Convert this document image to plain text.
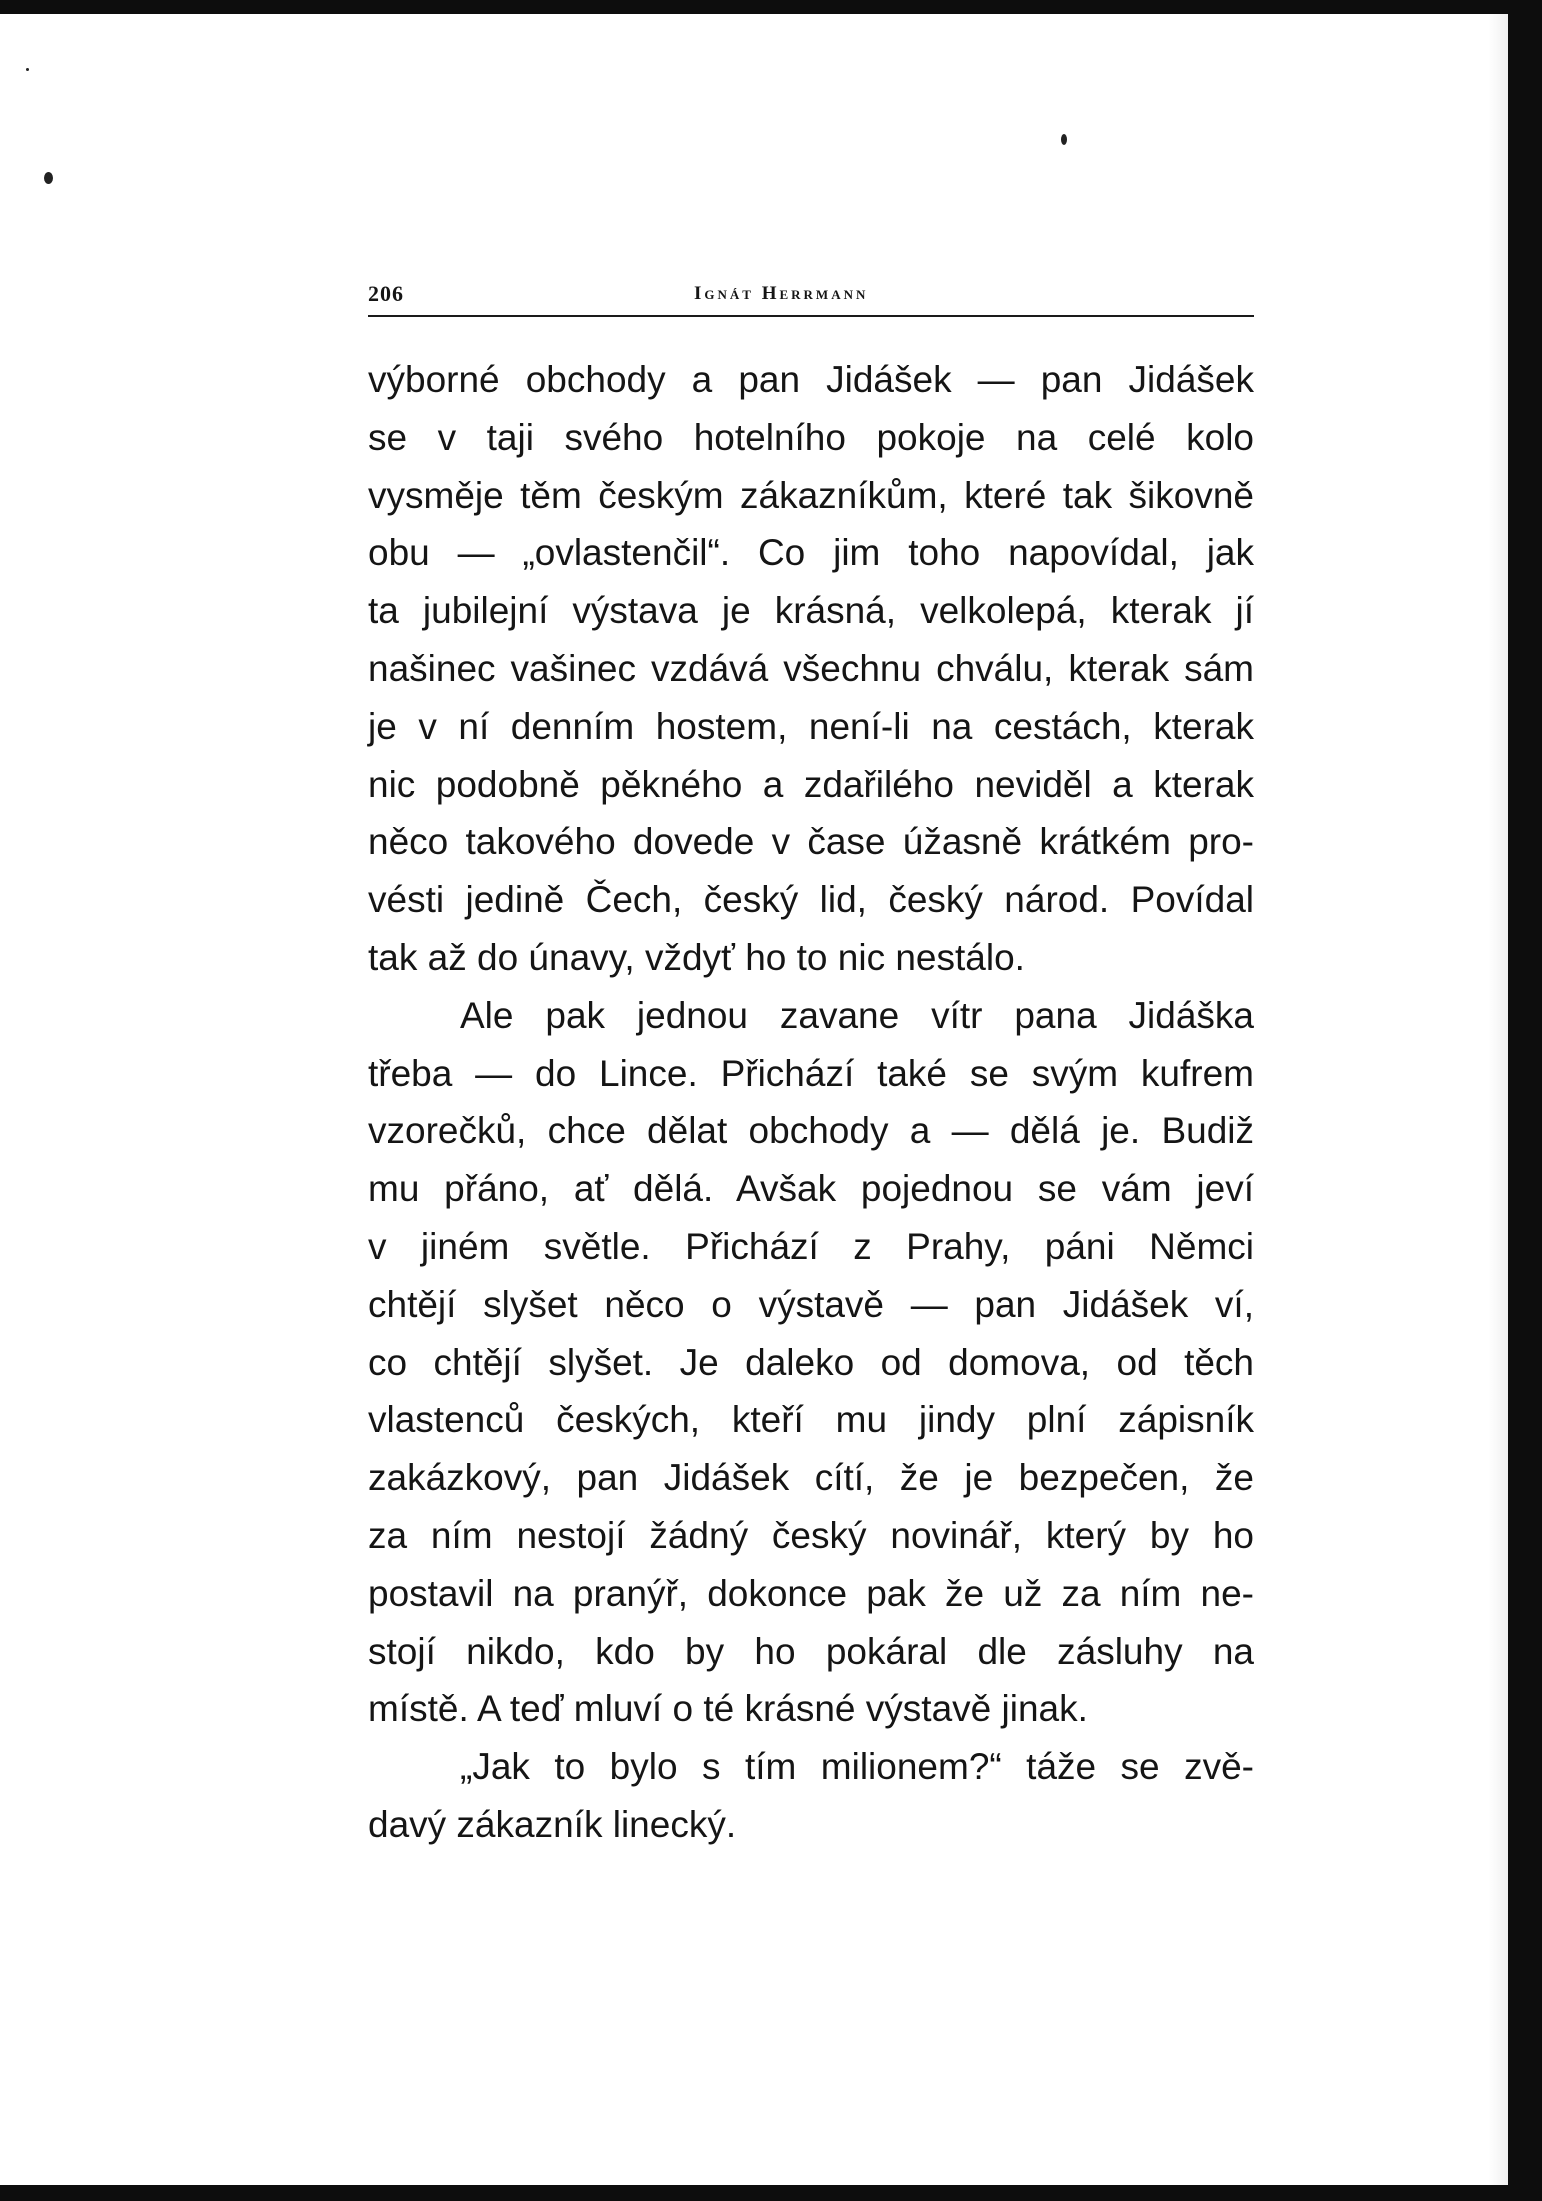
206	Ignát Herrmann
výborné obchody a pan Jidášek — pan Jidášek
se v taji svého hotelního pokoje na celé kolo
vysměje těm českým zákazníkům, které tak šikovně
obu — „ovlastenčil“. Co jim toho napovídal, jak
ta jubilejní výstava je krásná, velkolepá, kterak jí
našinec vašinec vzdává všechnu chválu, kterak sám
je v ní denním hostem, není-li na cestách, kterak
nic podobně pěkného a zdařilého neviděl a kterak
něco takového dovede v čase úžasně krátkém pro-
vésti jedině Čech, český lid, český národ. Povídal
tak až do únavy, vždyť ho to nic nestálo.
Ale pak jednou zavane vítr pana Jidáška
třeba — do Lince. Přichází také se svým kufrem
vzorečků, chce dělat obchody a — dělá je. Budiž
mu přáno, ať dělá. Avšak pojednou se vám jeví
v jiném světle. Přichází z Prahy, páni Němci
chtějí slyšet něco o výstavě — pan Jidášek ví,
co chtějí slyšet. Je daleko od domova, od těch
vlastenců českých, kteří mu jindy plní zápisník
zakázkový, pan Jidášek cítí, že je bezpečen, že
za ním nestojí žádný český novinář, který by ho
postavil na pranýř, dokonce pak že už za ním ne-
stojí nikdo, kdo by ho pokáral dle zásluhy na
místě. A teď mluví o té krásné výstavě jinak.
„Jak to bylo s tím milionem?“ táže se zvě-
davý zákazník linecký.
